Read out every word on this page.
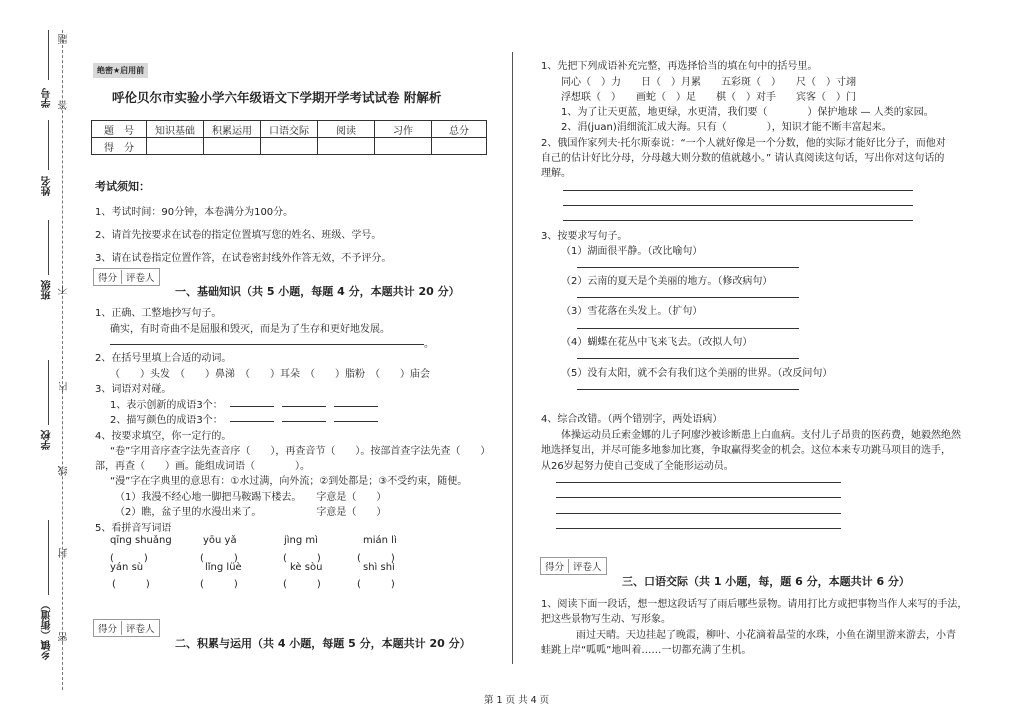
学号
姓名
班级
学校
乡镇（街道）
题
答
不
内
线
封
密
绝密★启用前
呼伦贝尔市实验小学六年级语文下学期开学考试试卷 附解析
题　号	知识基础	积累运用	口语交际	阅读	习作	总分
得　分						
考试须知：
1、考试时间：90分钟，本卷满分为100分。
2、请首先按要求在试卷的指定位置填写您的姓名、班级、学号。
3、请在试卷指定位置作答，在试卷密封线外作答无效，不予评分。
得分 评卷人
一、基础知识（共 5 小题，每题 4 分，本题共计 20 分）
1、正确、工整地抄写句子。
确实，有时奇曲不是屈服和毁灭，而是为了生存和更好地发展。
。
2、在括号里填上合适的动词。
（　　）头发　（　　）鼻涕　（　　）耳朵　（　　）脂粉　（　　）庙会
3、词语对对碰。
1、表示创新的成语3个：
2、描写颜色的成语3个：
4、按要求填空，你一定行的。
“卷”字用音序查字法先查音序（　　），再查音节（　　）。按部首查字法先查（　　）
部，再查（　　）画。能组成词语（　　　　）。
“漫”字在字典里的意思有：①水过满，向外流；②到处都是；③不受约束，随便。
（1）我漫不经心地一脚把马鞍踢下楼去。　　字意是（　　）
（2）瞧，盆子里的水漫出来了。　　　　　　字意是（　　）
5、看拼音写词语
qīng shuǎng	yōu yǎ	jìng mì	mián lì
(　　　)	(　　　)	(　　　)	(　　　)
yán sù	lǐng lüè	kè sòu	shì shì
(　　　)	(　　　)	(　　　)	(　　　)
得分 评卷人
二、积累与运用（共 4 小题，每题 5 分，本题共计 20 分）
1、先把下列成语补充完整，再选择恰当的填在句中的括号里。
同心（　）力　　日（　）月累　　五彩斑（　）　　尺（　）寸翊
浮想联（　）　　画蛇（　）足　　棋（　）对手　　宾客（　）门
1、为了让天更蓝，地更绿，水更清，我们要（　　　　）保护地球 — 人类的家园。
2、涓(juan)涓细流汇成大海。只有（　　　　），知识才能不断丰富起来。
2、俄国作家列夫·托尔斯泰说：“一个人就好像是一个分数，他的实际才能好比分子，而他对
自己的估计好比分母，分母越大则分数的值就越小。” 请认真阅读这句话，写出你对这句话的
理解。
3、按要求写句子。
（1）湖面很平静。（改比喻句）
（2）云南的夏天是个美丽的地方。（修改病句）
（3）雪花落在头发上。（扩句）
（4）蝴蝶在花丛中飞来飞去。（改拟人句）
（5）没有太阳，就不会有我们这个美丽的世界。（改反问句）
4、综合改错。（两个错别字，两处语病）
体操运动员丘索金娜的儿子阿廖沙被诊断患上白血病。支付儿子昂贵的医药费，她毅然绝然
地选择复出，并尽可能多地参加比赛，争取赢得奖金的机会。这位本来专功跳马项目的选手，
从26岁起努力使自己变成了全能形运动员。
得分 评卷人
三、口语交际（共 1 小题，每，题 6 分，本题共计 6 分）
1、阅读下面一段话，想一想这段话写了雨后哪些景物。请用打比方或把事物当作人来写的手法，
把这些景物写生动、写形象。
雨过天晴。天边挂起了晚霞，柳叶、小花滴着晶莹的水珠，小鱼在湖里游来游去，小青
蛙跳上岸“呱呱”地叫着……一切都充满了生机。
第 1 页 共 4 页
